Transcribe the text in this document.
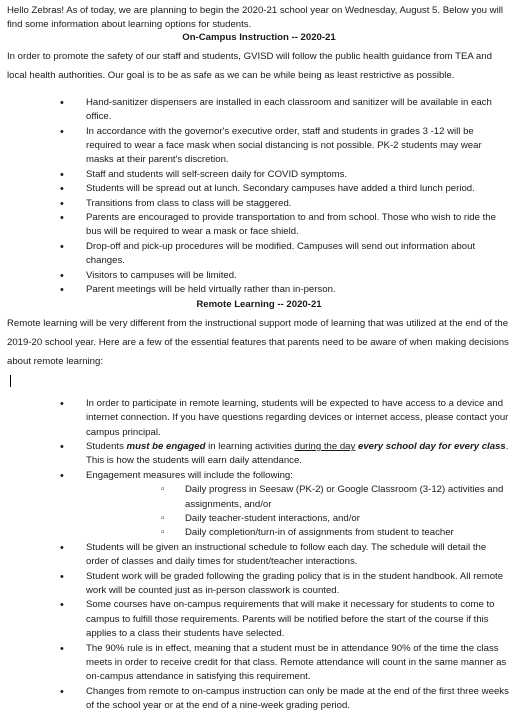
Hello Zebras! As of today, we are planning to begin the 2020-21 school year on Wednesday, August 5. Below you will find some information about learning options for students.

On-Campus Instruction -- 2020-21

In order to promote the safety of our staff and students, GVISD will follow the public health guidance from TEA and local health authorities. Our goal is to be as safe as we can be while being as least restrictive as possible.

• Hand-sanitizer dispensers are installed in each classroom and sanitizer will be available in each office.
• In accordance with the governor's executive order, staff and students in grades 3 -12 will be required to wear a face mask when social distancing is not possible. PK-2 students may wear masks at their parent's discretion.
• Staff and students will self-screen daily for COVID symptoms.
• Students will be spread out at lunch. Secondary campuses have added a third lunch period.
• Transitions from class to class will be staggered.
• Parents are encouraged to provide transportation to and from school. Those who wish to ride the bus will be required to wear a mask or face shield.
• Drop-off and pick-up procedures will be modified. Campuses will send out information about changes.
• Visitors to campuses will be limited.
• Parent meetings will be held virtually rather than in-person.

Remote Learning -- 2020-21

Remote learning will be very different from the instructional support mode of learning that was utilized at the end of the 2019-20 school year. Here are a few of the essential features that parents need to be aware of when making decisions about remote learning:

• In order to participate in remote learning, students will be expected to have access to a device and internet connection. If you have questions regarding devices or internet access, please contact your campus principal.
• Students must be engaged in learning activities during the day every school day for every class. This is how the students will earn daily attendance.
• Engagement measures will include the following:
▫ Daily progress in Seesaw (PK-2) or Google Classroom (3-12) activities and assignments, and/or
▫ Daily teacher-student interactions, and/or
▫ Daily completion/turn-in of assignments from student to teacher
• Students will be given an instructional schedule to follow each day. The schedule will detail the order of classes and daily times for student/teacher interactions.
• Student work will be graded following the grading policy that is in the student handbook. All remote work will be counted just as in-person classwork is counted.
• Some courses have on-campus requirements that will make it necessary for students to come to campus to fulfill those requirements. Parents will be notified before the start of the course if this applies to a class their students have selected.
• The 90% rule is in effect, meaning that a student must be in attendance 90% of the time the class meets in order to receive credit for that class. Remote attendance will count in the same manner as on-campus attendance in satisfying this requirement.
• Changes from remote to on-campus instruction can only be made at the end of the first three weeks of the school year or at the end of a nine-week grading period.
